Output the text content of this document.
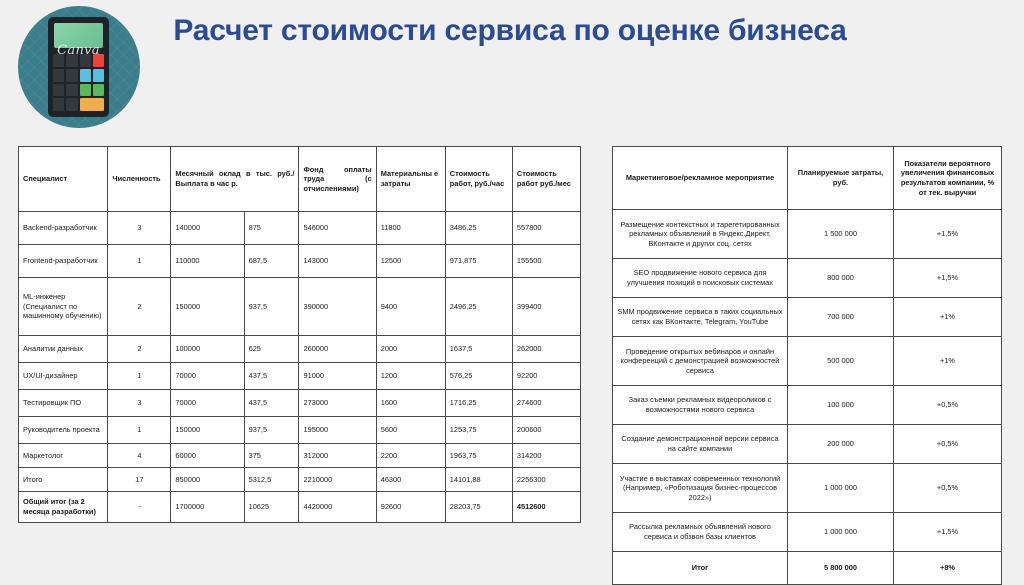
Canva
Расчет стоимости сервиса по оценке бизнеса
Специалист	Численность	Месячный оклад в тыс. руб./Выплата в час р.		Фонд оплаты труда (с отчислениями)	Материальны е затраты	Стоимость работ, руб./час	Стоимость работ руб./мес
Backend-разработчик	3	140000	875	546000	11800	3486,25	557800
Frontend-разработчик	1	110000	687,5	143000	12500	971,875	155500
ML-инженер (Специалист по машинному обучению)	2	150000	937,5	390000	9400	2496,25	399400
Аналитик данных	2	100000	625	260000	2000	1637,5	262000
UX/UI-дизайнер	1	70000	437,5	91000	1200	576,25	92200
Тестировщик ПО	3	70000	437,5	273000	1600	1716,25	274600
Руководитель проекта	1	150000	937,5	195000	5600	1253,75	200600
Маркетолог	4	60000	375	312000	2200	1963,75	314200
Итого	17	850000	5312,5	2210000	46300	14101,88	2256300
Общий итог (за 2 месяца разработки)	-	1700000	10625	4420000	92600	28203,75	4512600
Маркетинговое/рекламное мероприятие	Планируемые затраты, руб.	Показатели вероятного увеличения финансовых результатов компании, % от тек. выручки
Размещение контекстных и тарегетированных рекламных объявлений в Яндекс.Директ, ВКонтакте и других соц. сетях	1 500 000	+1,5%
SEO продвижение нового сервиса для улучшения позиций в поисковых системах	800 000	+1,5%
SMM продвижение сервиса в таких социальных сетях как ВКонтакте, Telegram, YouTube	700 000	+1%
Проведение открытых вебинаров и онлайн конференций с демонстрацией возможностей сервиса	500 000	+1%
Заказ съемки рекламных видеороликов с возможностями нового сервиса	100 000	+0,5%
Создание демонстрационной версии сервиса на сайте компании	200 000	+0,5%
Участие в выставках современных технологий (Например, «Роботизация бизнес-процессов 2022»)	1 000 000	+0,5%
Рассылка рекламных объявлений нового сервиса и обзвон базы клиентов	1 000 000	+1,5%
Итог	5 800 000	+8%
